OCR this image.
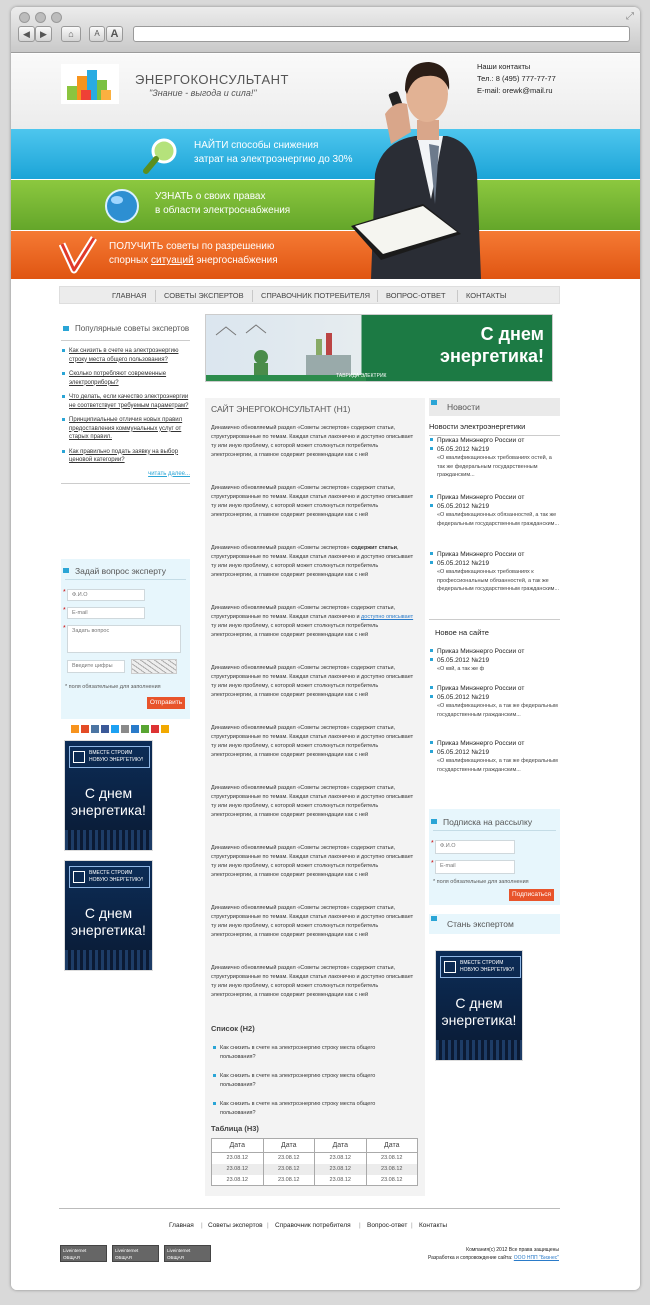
◀	▶	⌂	A A
⤢
ЭНЕРГОКОНСУЛЬТАНТ
"Знание - выгода и сила!"
Наши контакты
Тел.: 8 (495) 777-77-77
E-mail: orewk@mail.ru
НАЙТИ способы снижения
затрат на электроэнергию до 30%
УЗНАТЬ о своих правах
в области электроснабжения
ПОЛУЧИТЬ советы по разрешению
спорных ситуаций энергоснабжения
ГЛАВНАЯ СОВЕТЫ ЭКСПЕРТОВ СПРАВОЧНИК ПОТРЕБИТЕЛЯ ВОПРОС-ОТВЕТ	КОНТАКТЫ
Популярные советы экспертов
Как снизить в счете на электроэнергию строку места общего пользования?
Сколько потребляют современные электроприборы?
Что делать, если качество электроэнергии не соответствует требуемым параметрам?
Принципиальные отличия новых правил предоставления коммунальных услуг от старых правил.
Как правильно подать заявку на выбор ценовой категории?
читать далее...
Задай вопрос эксперту
*	Ф.И.О
*	E-mail
*	Задать вопрос
Введите цифры
* поля обязательные для заполнения
Отправить
ВМЕСТЕ СТРОИМ НОВУЮ ЭНЕРГЕТИКУ!
С днем
энергетика!
ВМЕСТЕ СТРОИМ НОВУЮ ЭНЕРГЕТИКУ!
С днем
энергетика!
С днем
энергетика!
ТАВРИДА ЭЛЕКТРИК
САЙТ ЭНЕРГОКОНСУЛЬТАНТ (H1)
Динамично обновляемый раздел «Советы экспертов» содержит статьи, структурированные по темам. Каждая статья лаконично и доступно описывает ту или иную проблему, с которой может столкнуться потребитель электроэнергии, а главное содержит рекомендации как с ней
Динамично обновляемый раздел «Советы экспертов» содержит статьи, структурированные по темам. Каждая статья лаконично и доступно описывает ту или иную проблему, с которой может столкнуться потребитель электроэнергии, а главное содержит рекомендации как с ней
Динамично обновляемый раздел «Советы экспертов» содержит статьи, структурированные по темам. Каждая статья лаконично и доступно описывает ту или иную проблему, с которой может столкнуться потребитель электроэнергии, а главное содержит рекомендации как с ней
Динамично обновляемый раздел «Советы экспертов» содержит статьи, структурированные по темам. Каждая статья лаконично и доступно описывает ту или иную проблему, с которой может столкнуться потребитель электроэнергии, а главное содержит рекомендации как с ней
Динамично обновляемый раздел «Советы экспертов» содержит статьи, структурированные по темам. Каждая статья лаконично и доступно описывает ту или иную проблему, с которой может столкнуться потребитель электроэнергии, а главное содержит рекомендации как с ней
Динамично обновляемый раздел «Советы экспертов» содержит статьи, структурированные по темам. Каждая статья лаконично и доступно описывает ту или иную проблему, с которой может столкнуться потребитель электроэнергии, а главное содержит рекомендации как с ней
Динамично обновляемый раздел «Советы экспертов» содержит статьи, структурированные по темам. Каждая статья лаконично и доступно описывает ту или иную проблему, с которой может столкнуться потребитель электроэнергии, а главное содержит рекомендации как с ней
Динамично обновляемый раздел «Советы экспертов» содержит статьи, структурированные по темам. Каждая статья лаконично и доступно описывает ту или иную проблему, с которой может столкнуться потребитель электроэнергии, а главное содержит рекомендации как с ней
Динамично обновляемый раздел «Советы экспертов» содержит статьи, структурированные по темам. Каждая статья лаконично и доступно описывает ту или иную проблему, с которой может столкнуться потребитель электроэнергии, а главное содержит рекомендации как с ней
Динамично обновляемый раздел «Советы экспертов» содержит статьи, структурированные по темам. Каждая статья лаконично и доступно описывает ту или иную проблему, с которой может столкнуться потребитель электроэнергии, а главное содержит рекомендации как с ней
Список (H2)
Как снизить в счете на электроэнергию строку места общего пользования?
Как снизить в счете на электроэнергию строку места общего пользования?
Как снизить в счете на электроэнергию строку места общего пользования?
Таблица (H3)
Дата	Дата	Дата	Дата
23.08.12	23.08.12	23.08.12	23.08.12
23.08.12	23.08.12	23.08.12	23.08.12
23.08.12	23.08.12	23.08.12	23.08.12
Новости
Новости электроэнергетики
Приказ Минэнерго России от
05.05.2012 №219
«О квалификационных требованиях остей, а так же федеральным государственным гражданским...
Приказ Минэнерго России от
05.05.2012 №219
«О квалификационных обязанностей, а так же федеральным государственным гражданским...
Приказ Минэнерго России от
05.05.2012 №219
«О квалификационных требованиях к профессиональным обязанностей, а так же федеральным государственным гражданским...
Новое на сайте
Приказ Минэнерго России от
05.05.2012 №219
«О квй, а так же ф
Приказ Минэнерго России от
05.05.2012 №219
«О квалификационных, а так же федеральным государственным гражданским...
Приказ Минэнерго России от
05.05.2012 №219
«О квалификационных, а так же федеральным государственным гражданским...
Подписка на рассылку
*	Ф.И.О
*	E-mail
* поля обязательные для заполнения
Подписаться
Стань экспертом
ВМЕСТЕ СТРОИМ НОВУЮ ЭНЕРГЕТИКУ!
С днем
энергетика!
Главная | Советы экспертов | Справочник потребителя | Вопрос-ответ | Контакты
Liveinternet
ОБЩАЯ СТАТИСТИКА
Liveinternet
ОБЩАЯ СТАТИСТИКА
Liveinternet
ОБЩАЯ СТАТИСТИКА
Компания(с) 2012 Все права защищены
Разработка и сопровождение сайта: ООО НПП "Бизнес"
